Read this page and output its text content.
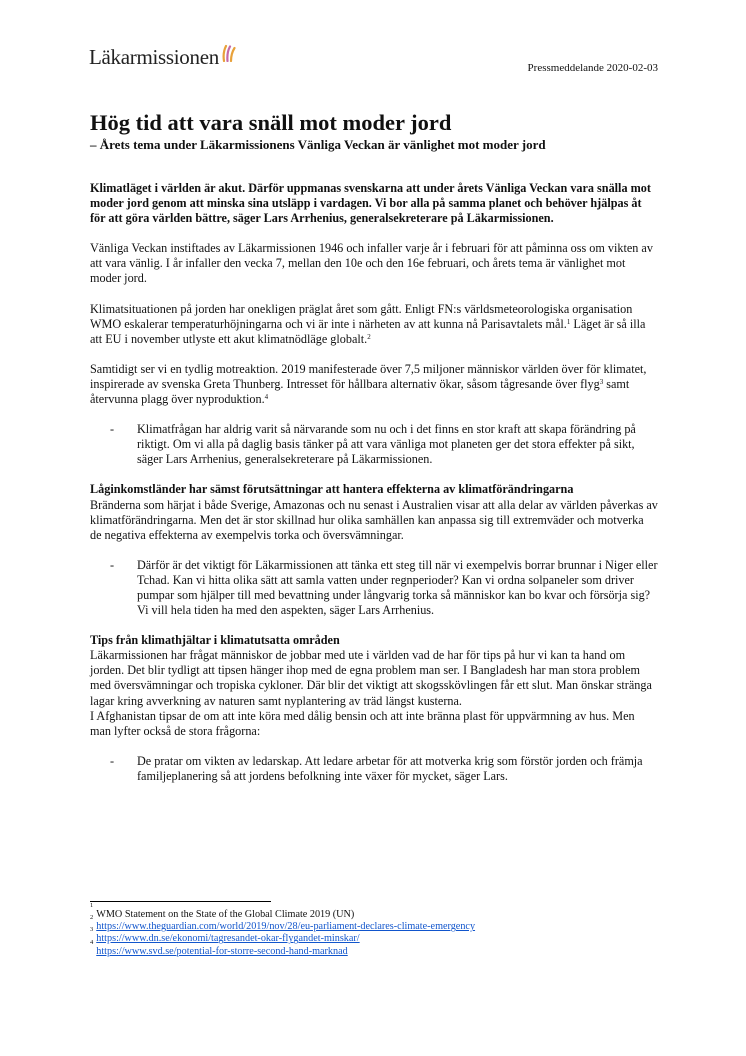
Läkarmissionen	Pressmeddelande 2020-02-03
Hög tid att vara snäll mot moder jord

– Årets tema under Läkarmissionens Vänliga Veckan är vänlighet mot moder jord

Klimatläget i världen är akut. Därför uppmanas svenskarna att under årets Vänliga Veckan vara snälla mot moder jord genom att minska sina utsläpp i vardagen. Vi bor alla på samma planet och behöver hjälpas åt för att göra världen bättre, säger Lars Arrhenius, generalsekreterare på Läkarmissionen.

Vänliga Veckan instiftades av Läkarmissionen 1946 och infaller varje år i februari för att påminna oss om vikten av att vara vänlig. I år infaller den vecka 7, mellan den 10e och den 16e februari, och årets tema är vänlighet mot moder jord.

Klimatsituationen på jorden har onekligen präglat året som gått. Enligt FN:s världsmeteorologiska organisation WMO eskalerar temperaturhöjningarna och vi är inte i närheten av att kunna nå Parisavtalets mål.$^1$ Läget är så illa att EU i november utlyste ett akut klimatnödläge globalt.$^2$

Samtidigt ser vi en tydlig motreaktion. 2019 manifesterade över 7,5 miljoner människor världen över för klimatet, inspirerade av svenska Greta Thunberg. Intresset för hållbara alternativ ökar, såsom tågresande över flyg$^3$ samt återvunna plagg över nyproduktion.$^4$

-	Klimatfrågan har aldrig varit så närvarande som nu och i det finns en stor kraft att skapa förändring på riktigt. Om vi alla på daglig basis tänker på att vara vänliga mot planeten ger det stora effekter på sikt, säger Lars Arrhenius, generalsekreterare på Läkarmissionen.

Låginkomstländer har sämst förutsättningar att hantera effekterna av klimatförändringarna

Bränderna som härjat i både Sverige, Amazonas och nu senast i Australien visar att alla delar av världen påverkas av klimatförändringarna. Men det är stor skillnad hur olika samhällen kan anpassa sig till extremväder och motverka de negativa effekterna av exempelvis torka och översvämningar.

-	Därför är det viktigt för Läkarmissionen att tänka ett steg till när vi exempelvis borrar brunnar i Niger eller Tchad. Kan vi hitta olika sätt att samla vatten under regnperioder? Kan vi ordna solpaneler som driver pumpar som hjälper till med bevattning under långvarig torka så människor kan bo kvar och försörja sig? Vi vill hela tiden ha med den aspekten, säger Lars Arrhenius.

Tips från klimathjältar i klimatutsatta områden

Läkarmissionen har frågat människor de jobbar med ute i världen vad de har för tips på hur vi kan ta hand om jorden. Det blir tydligt att tipsen hänger ihop med de egna problem man ser. I Bangladesh har man stora problem med översvämningar och tropiska cykloner. Där blir det viktigt att skogsskövlingen får ett slut. Man önskar stränga lagar kring avverkning av naturen samt nyplantering av träd längst kusterna.

I Afghanistan tipsar de om att inte köra med dålig bensin och att inte bränna plast för uppvärmning av hus. Men man lyfter också de stora frågorna:

-	De pratar om vikten av ledarskap. Att ledare arbetar för att motverka krig som förstör jorden och främja familjeplanering så att jordens befolkning inte växer för mycket, säger Lars.
1
WMO Statement on the State of the Global Climate 2019 (UN)
2
https://www.theguardian.com/world/2019/nov/28/eu-parliament-declares-climate-emergency
3
https://www.dn.se/ekonomi/tagresandet-okar-flygandet-minskar/
4
https://www.svd.se/potential-for-storre-second-hand-marknad
